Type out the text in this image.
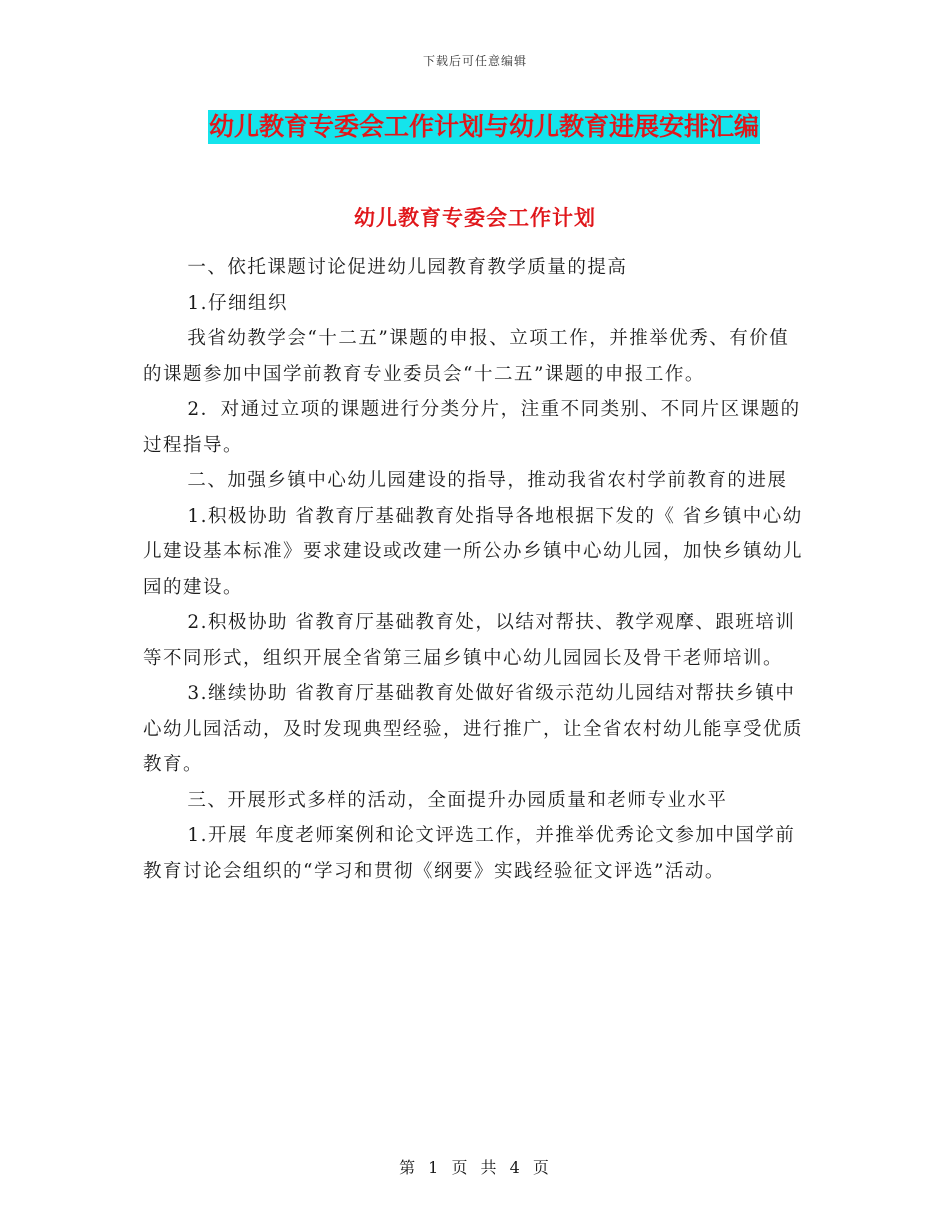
下载后可任意编辑
幼儿教育专委会工作计划与幼儿教育进展安排汇编
幼儿教育专委会工作计划

一、依托课题讨论促进幼儿园教育教学质量的提高

1.仔细组织

我省幼教学会“十二五”课题的申报、立项工作，并推举优秀、有价值的课题参加中国学前教育专业委员会“十二五”课题的申报工作。

2．对通过立项的课题进行分类分片，注重不同类别、不同片区课题的过程指导。

二、加强乡镇中心幼儿园建设的指导，推动我省农村学前教育的进展

1.积极协助 省教育厅基础教育处指导各地根据下发的《 省乡镇中心幼儿建设基本标准》要求建设或改建一所公办乡镇中心幼儿园，加快乡镇幼儿园的建设。

2.积极协助 省教育厅基础教育处，以结对帮扶、教学观摩、跟班培训等不同形式，组织开展全省第三届乡镇中心幼儿园园长及骨干老师培训。

3.继续协助 省教育厅基础教育处做好省级示范幼儿园结对帮扶乡镇中心幼儿园活动，及时发现典型经验，进行推广，让全省农村幼儿能享受优质教育。

三、开展形式多样的活动，全面提升办园质量和老师专业水平

1.开展 年度老师案例和论文评选工作，并推举优秀论文参加中国学前教育讨论会组织的“学习和贯彻《纲要》实践经验征文评选”活动。

第 1 页 共 4 页
